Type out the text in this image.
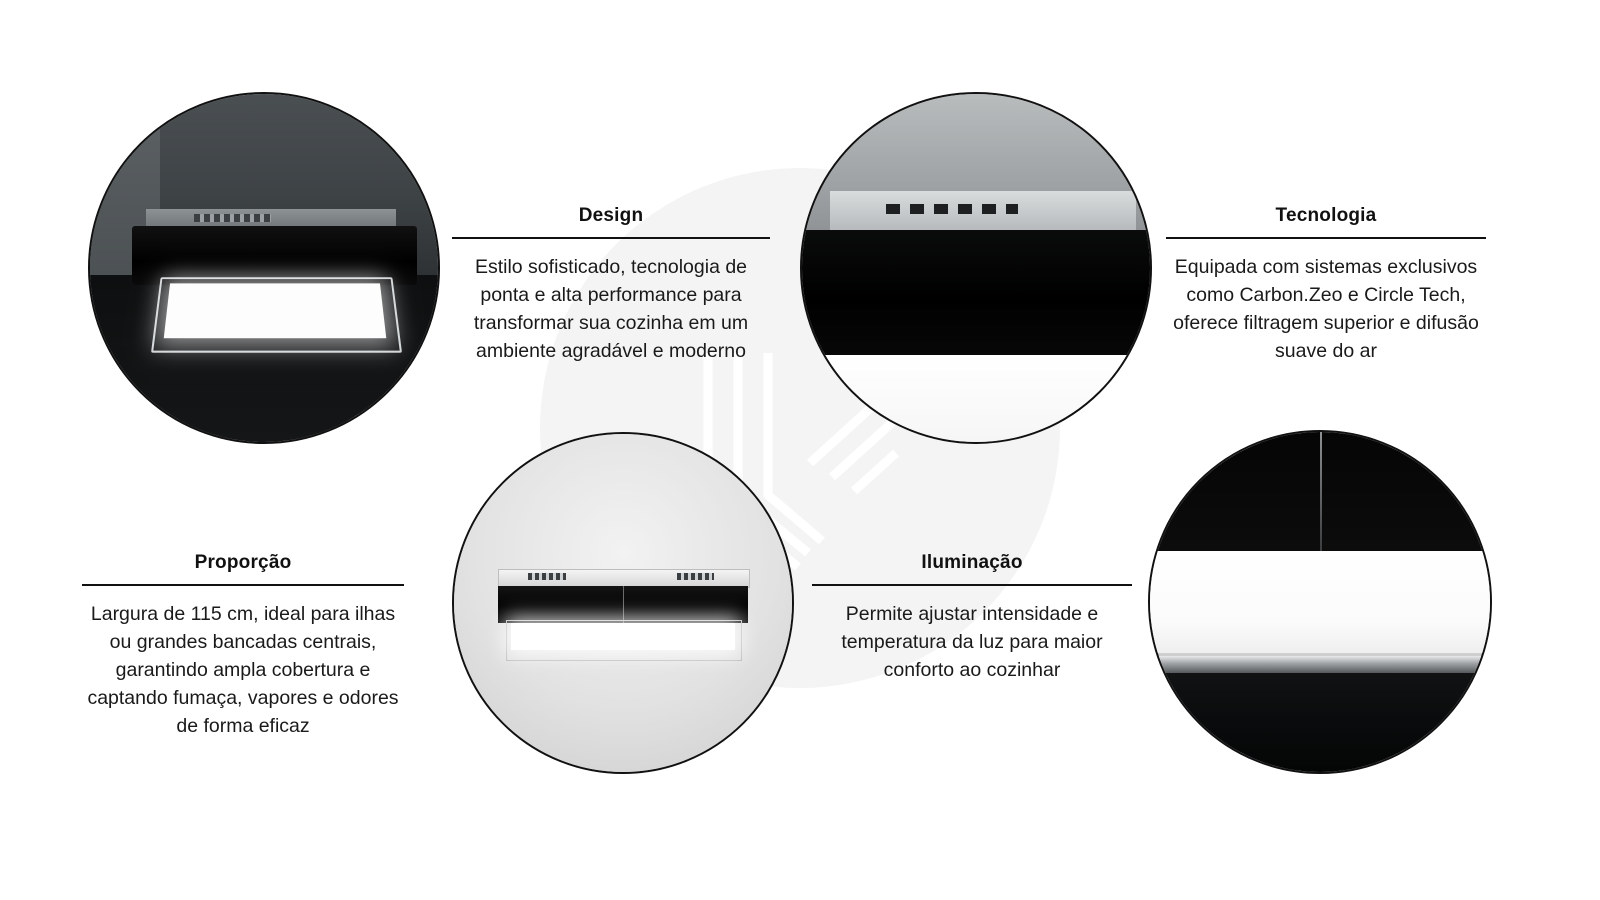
Design

Estilo sofisticado, tecnologia de ponta e alta performance para transformar sua cozinha em um ambiente agradável e moderno

Tecnologia

Equipada com sistemas exclusivos como Carbon.Zeo e Circle Tech, oferece filtragem superior e difusão suave do ar

Proporção

Largura de 115 cm, ideal para ilhas ou grandes bancadas centrais, garantindo ampla cobertura e captando fumaça, vapores e odores de forma eficaz

Iluminação

Permite ajustar intensidade e temperatura da luz para maior conforto ao cozinhar
